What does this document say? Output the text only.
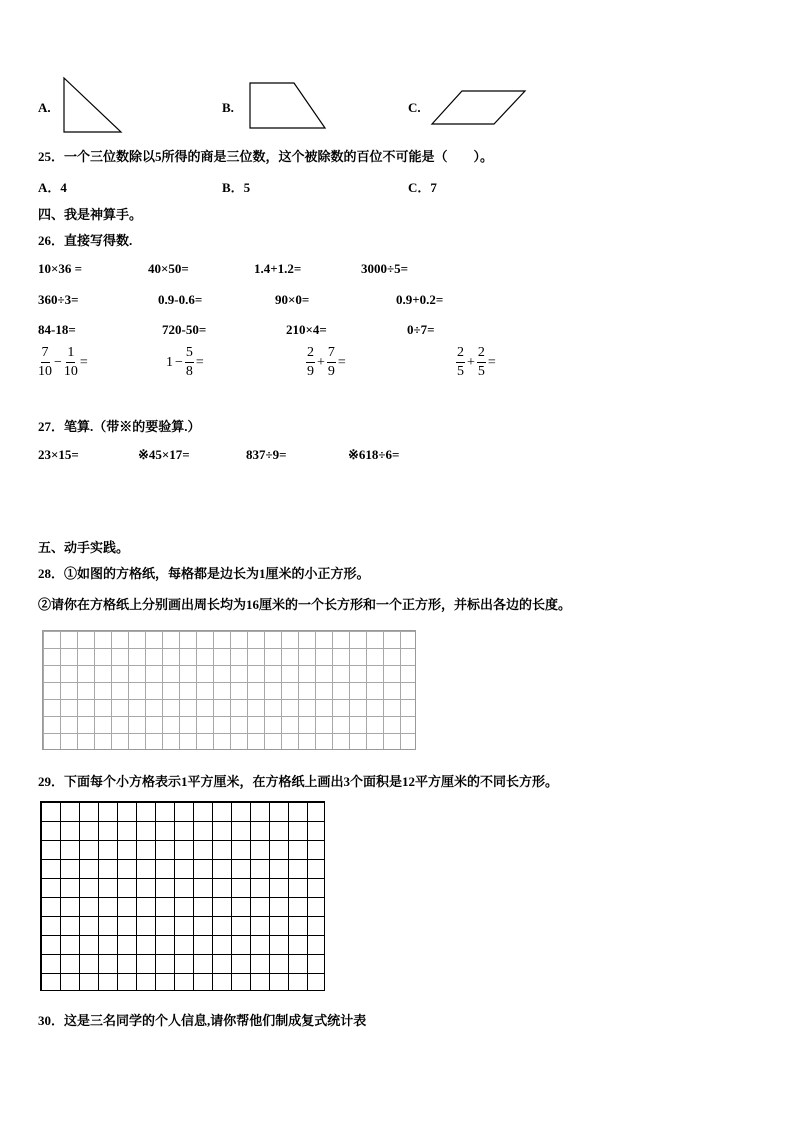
A.	B.	C.
25．一个三位数除以5所得的商是三位数，这个被除数的百位不可能是（　　）。
A．4	B．5	C．7
四、我是神算手。
26．直接写得数.
10×36 =	40×50=	1.4+1.2=	3000÷5=
360÷3=	0.9-0.6=	90×0=	0.9+0.2=
84-18=	720-50=	210×4=	0÷7=
$\frac{7}{10} - \frac{1}{10}$ =	$1 - \frac{5}{8}$ =	$\frac{2}{9} + \frac{7}{9}$ =	$\frac{2}{5} + \frac{2}{5}$ =
27．笔算.（带※的要验算.）
23×15=	※45×17=	837÷9=	※618÷6=
五、动手实践。
28．①如图的方格纸，每格都是边长为1厘米的小正方形。
②请你在方格纸上分别画出周长均为16厘米的一个长方形和一个正方形，并标出各边的长度。
29．下面每个小方格表示1平方厘米，在方格纸上画出3个面积是12平方厘米的不同长方形。
30．这是三名同学的个人信息,请你帮他们制成复式统计表
